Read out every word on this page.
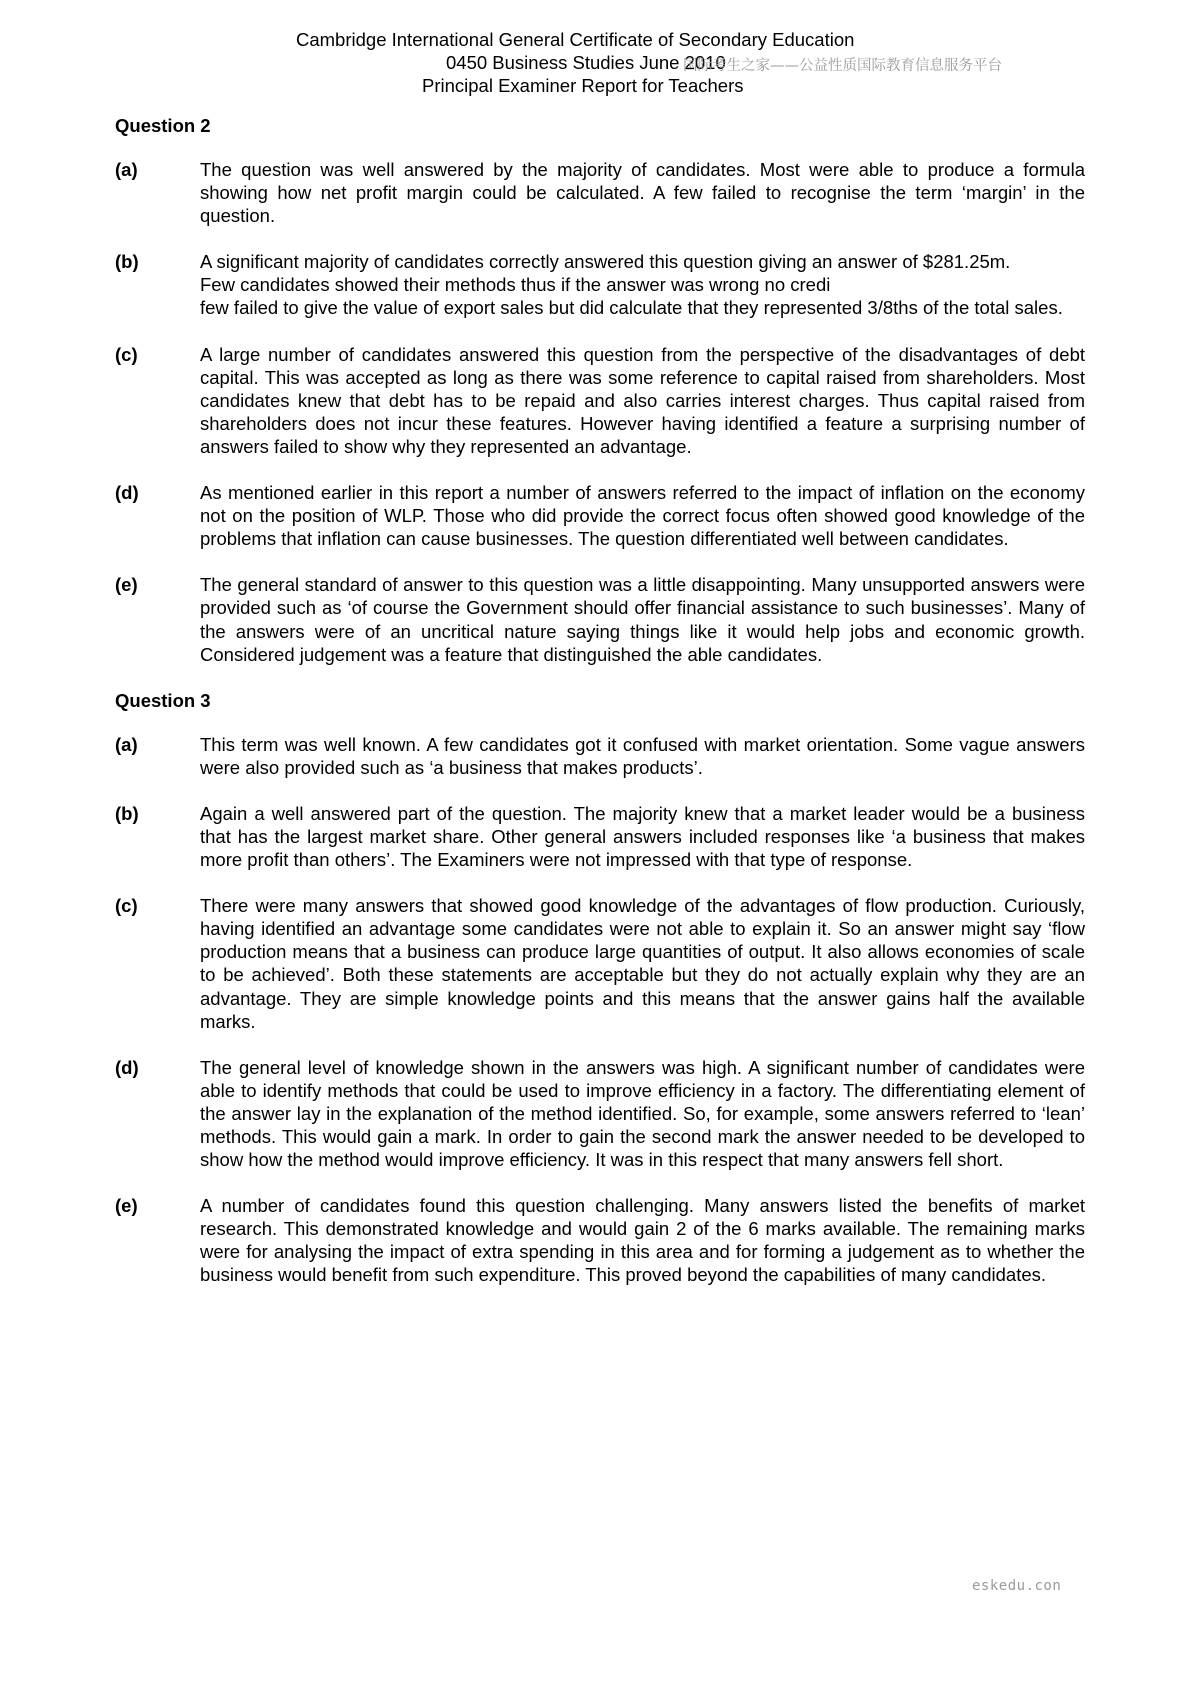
Cambridge International General Certificate of Secondary Education
0450 Business Studies June 2010
Principal Examiner Report for Teachers
国际考生之家——公益性质国际教育信息服务平台
Question 2
(a)	The question was well answered by the majority of candidates. Most were able to produce a formula showing how net profit margin could be calculated. A few failed to recognise the term ‘margin’ in the question.
(b)	A significant majority of candidates correctly answered this question giving an answer of $281.25m.
Few candidates showed their methods thus if the answer was wrong no credi
few failed to give the value of export sales but did calculate that they represented 3/8ths of the total sales.
(c)	A large number of candidates answered this question from the perspective of the disadvantages of debt capital. This was accepted as long as there was some reference to capital raised from shareholders. Most candidates knew that debt has to be repaid and also carries interest charges. Thus capital raised from shareholders does not incur these features. However having identified a feature a surprising number of answers failed to show why they represented an advantage.
(d)	As mentioned earlier in this report a number of answers referred to the impact of inflation on the economy not on the position of WLP. Those who did provide the correct focus often showed good knowledge of the problems that inflation can cause businesses. The question differentiated well between candidates.
(e)	The general standard of answer to this question was a little disappointing. Many unsupported answers were provided such as ‘of course the Government should offer financial assistance to such businesses’. Many of the answers were of an uncritical nature saying things like it would help jobs and economic growth. Considered judgement was a feature that distinguished the able candidates.
Question 3
(a)	This term was well known. A few candidates got it confused with market orientation. Some vague answers were also provided such as ‘a business that makes products’.
(b)	Again a well answered part of the question. The majority knew that a market leader would be a business that has the largest market share. Other general answers included responses like ‘a business that makes more profit than others’. The Examiners were not impressed with that type of response.
(c)	There were many answers that showed good knowledge of the advantages of flow production. Curiously, having identified an advantage some candidates were not able to explain it. So an answer might say ‘flow production means that a business can produce large quantities of output. It also allows economies of scale to be achieved’. Both these statements are acceptable but they do not actually explain why they are an advantage. They are simple knowledge points and this means that the answer gains half the available marks.
(d)	The general level of knowledge shown in the answers was high. A significant number of candidates were able to identify methods that could be used to improve efficiency in a factory. The differentiating element of the answer lay in the explanation of the method identified. So, for example, some answers referred to ‘lean’ methods. This would gain a mark. In order to gain the second mark the answer needed to be developed to show how the method would improve efficiency. It was in this respect that many answers fell short.
(e)	A number of candidates found this question challenging. Many answers listed the benefits of market research. This demonstrated knowledge and would gain 2 of the 6 marks available. The remaining marks were for analysing the impact of extra spending in this area and for forming a judgement as to whether the business would benefit from such expenditure. This proved beyond the capabilities of many candidates.
eskedu.con
